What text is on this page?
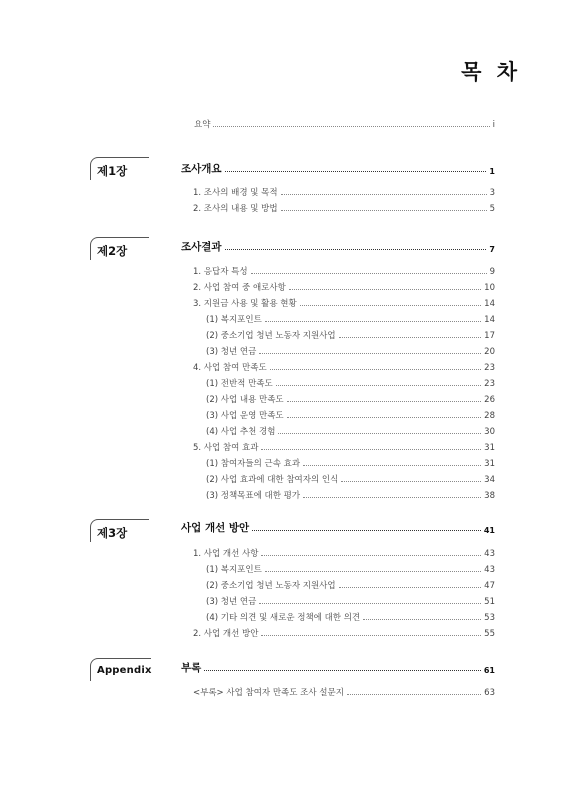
목 차
요약	i
제1장	조사개요	1
1. 조사의 배경 및 목적	3
2. 조사의 내용 및 방법	5
제2장	조사결과	7
1. 응답자 특성	9
2. 사업 참여 중 애로사항	10
3. 지원금 사용 및 활용 현황	14
(1) 복지포인트	14
(2) 중소기업 청년 노동자 지원사업	17
(3) 청년 연금	20
4. 사업 참여 만족도	23
(1) 전반적 만족도	23
(2) 사업 내용 만족도	26
(3) 사업 운영 만족도	28
(4) 사업 추천 경험	30
5. 사업 참여 효과	31
(1) 참여자들의 근속 효과	31
(2) 사업 효과에 대한 참여자의 인식	34
(3) 정책목표에 대한 평가	38
제3장	사업 개선 방안	41
1. 사업 개선 사항	43
(1) 복지포인트	43
(2) 중소기업 청년 노동자 지원사업	47
(3) 청년 연금	51
(4) 기타 의견 및 새로운 정책에 대한 의견	53
2. 사업 개선 방안	55
Appendix	부록	61
<부록> 사업 참여자 만족도 조사 설문지	63
